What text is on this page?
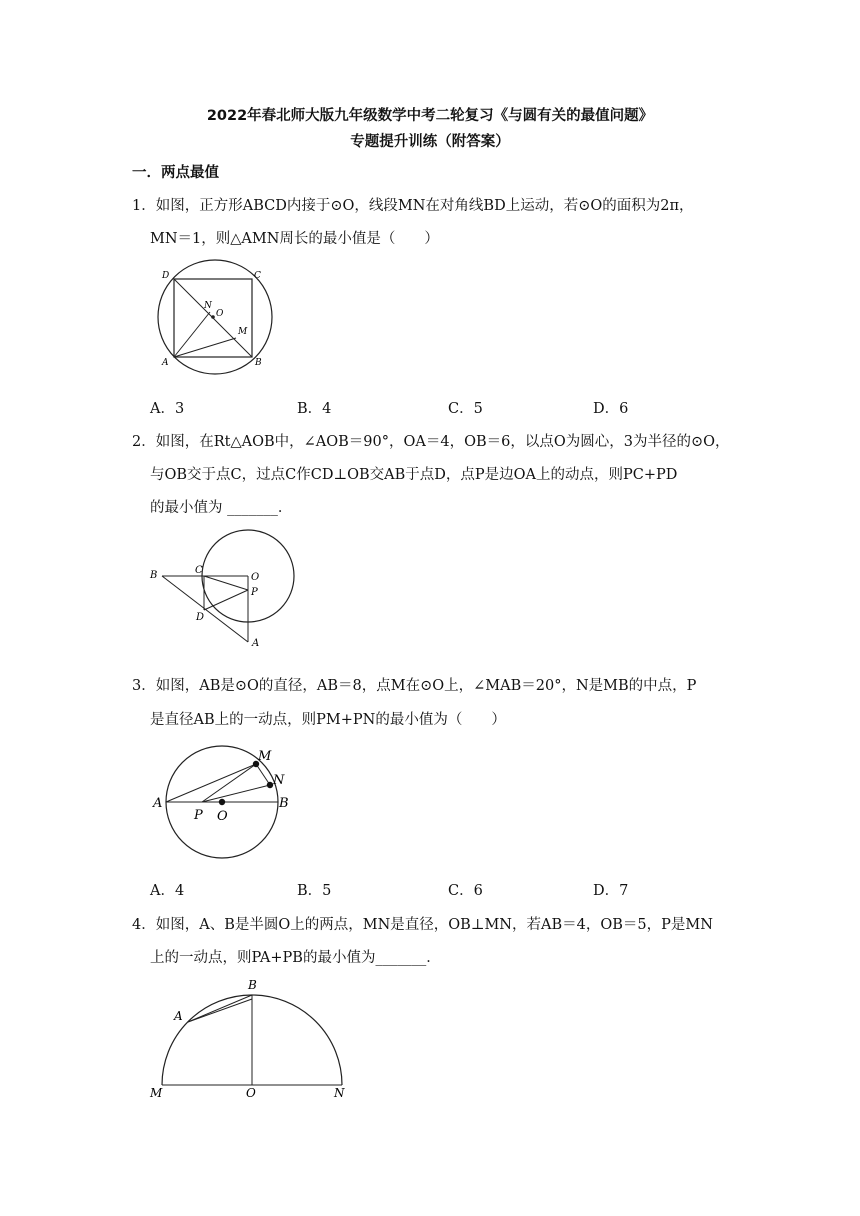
2022年春北师大版九年级数学中考二轮复习《与圆有关的最值问题》
专题提升训练（附答案）
一．两点最值
1．如图，正方形ABCD内接于⊙O，线段MN在对角线BD上运动，若⊙O的面积为2π，
MN＝1，则△AMN周长的最小值是（　　）
D	C
N
O
M
A	B
A．3	B．4	C．5	D．6
2．如图，在Rt△AOB中，∠AOB＝90°，OA＝4，OB＝6，以点O为圆心，3为半径的⊙O，
与OB交于点C，过点C作CD⊥OB交AB于点D，点P是边OA上的动点，则PC+PD
的最小值为 _______．
B	C
O
P
D
A
3．如图，AB是⊙O的直径，AB＝8，点M在⊙O上，∠MAB＝20°，N是MB的中点，P
是直径AB上的一动点，则PM+PN的最小值为（　　）
M
N
A	B
P O
A．4	B．5	C．6	D．7
4．如图，A、B是半圆O上的两点，MN是直径，OB⊥MN，若AB＝4，OB＝5，P是MN
上的一动点，则PA+PB的最小值为_______．
B
A
M	O	N
